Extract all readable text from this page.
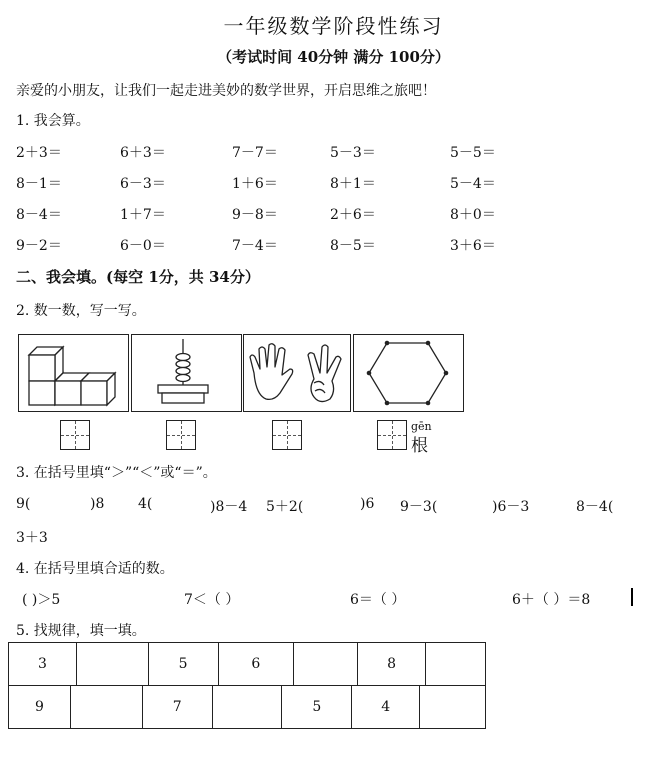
一年级数学阶段性练习
（考试时间 40分钟 满分 100分）
亲爱的小朋友，让我们一起走进美妙的数学世界，开启思维之旅吧！
1. 我会算。
2＋3＝	6＋3＝	7－7＝	5－3＝	5－5＝
8－1＝	6－3＝	1＋6＝	8＋1＝	5－4＝
8－4＝	1＋7＝	9－8＝	2＋6＝	8＋0＝
9－2＝	6－0＝	7－4＝	8－5＝	3＋6＝
二、我会填。(每空 1分，共 34分）
2. 数一数，写一写。
gēn
根
3. 在括号里填“＞”“＜”或“＝”。
9(	)8 4(	)8－4 5＋2(	)6 9－3(	)6－3	8－4(
3＋3
4. 在括号里填合适的数。
( )＞5	7＜（ ）	6＝（ ）	6＋（ ）＝8
5. 找规律，填一填。
3		5	6		8	
9		7		5	4	
